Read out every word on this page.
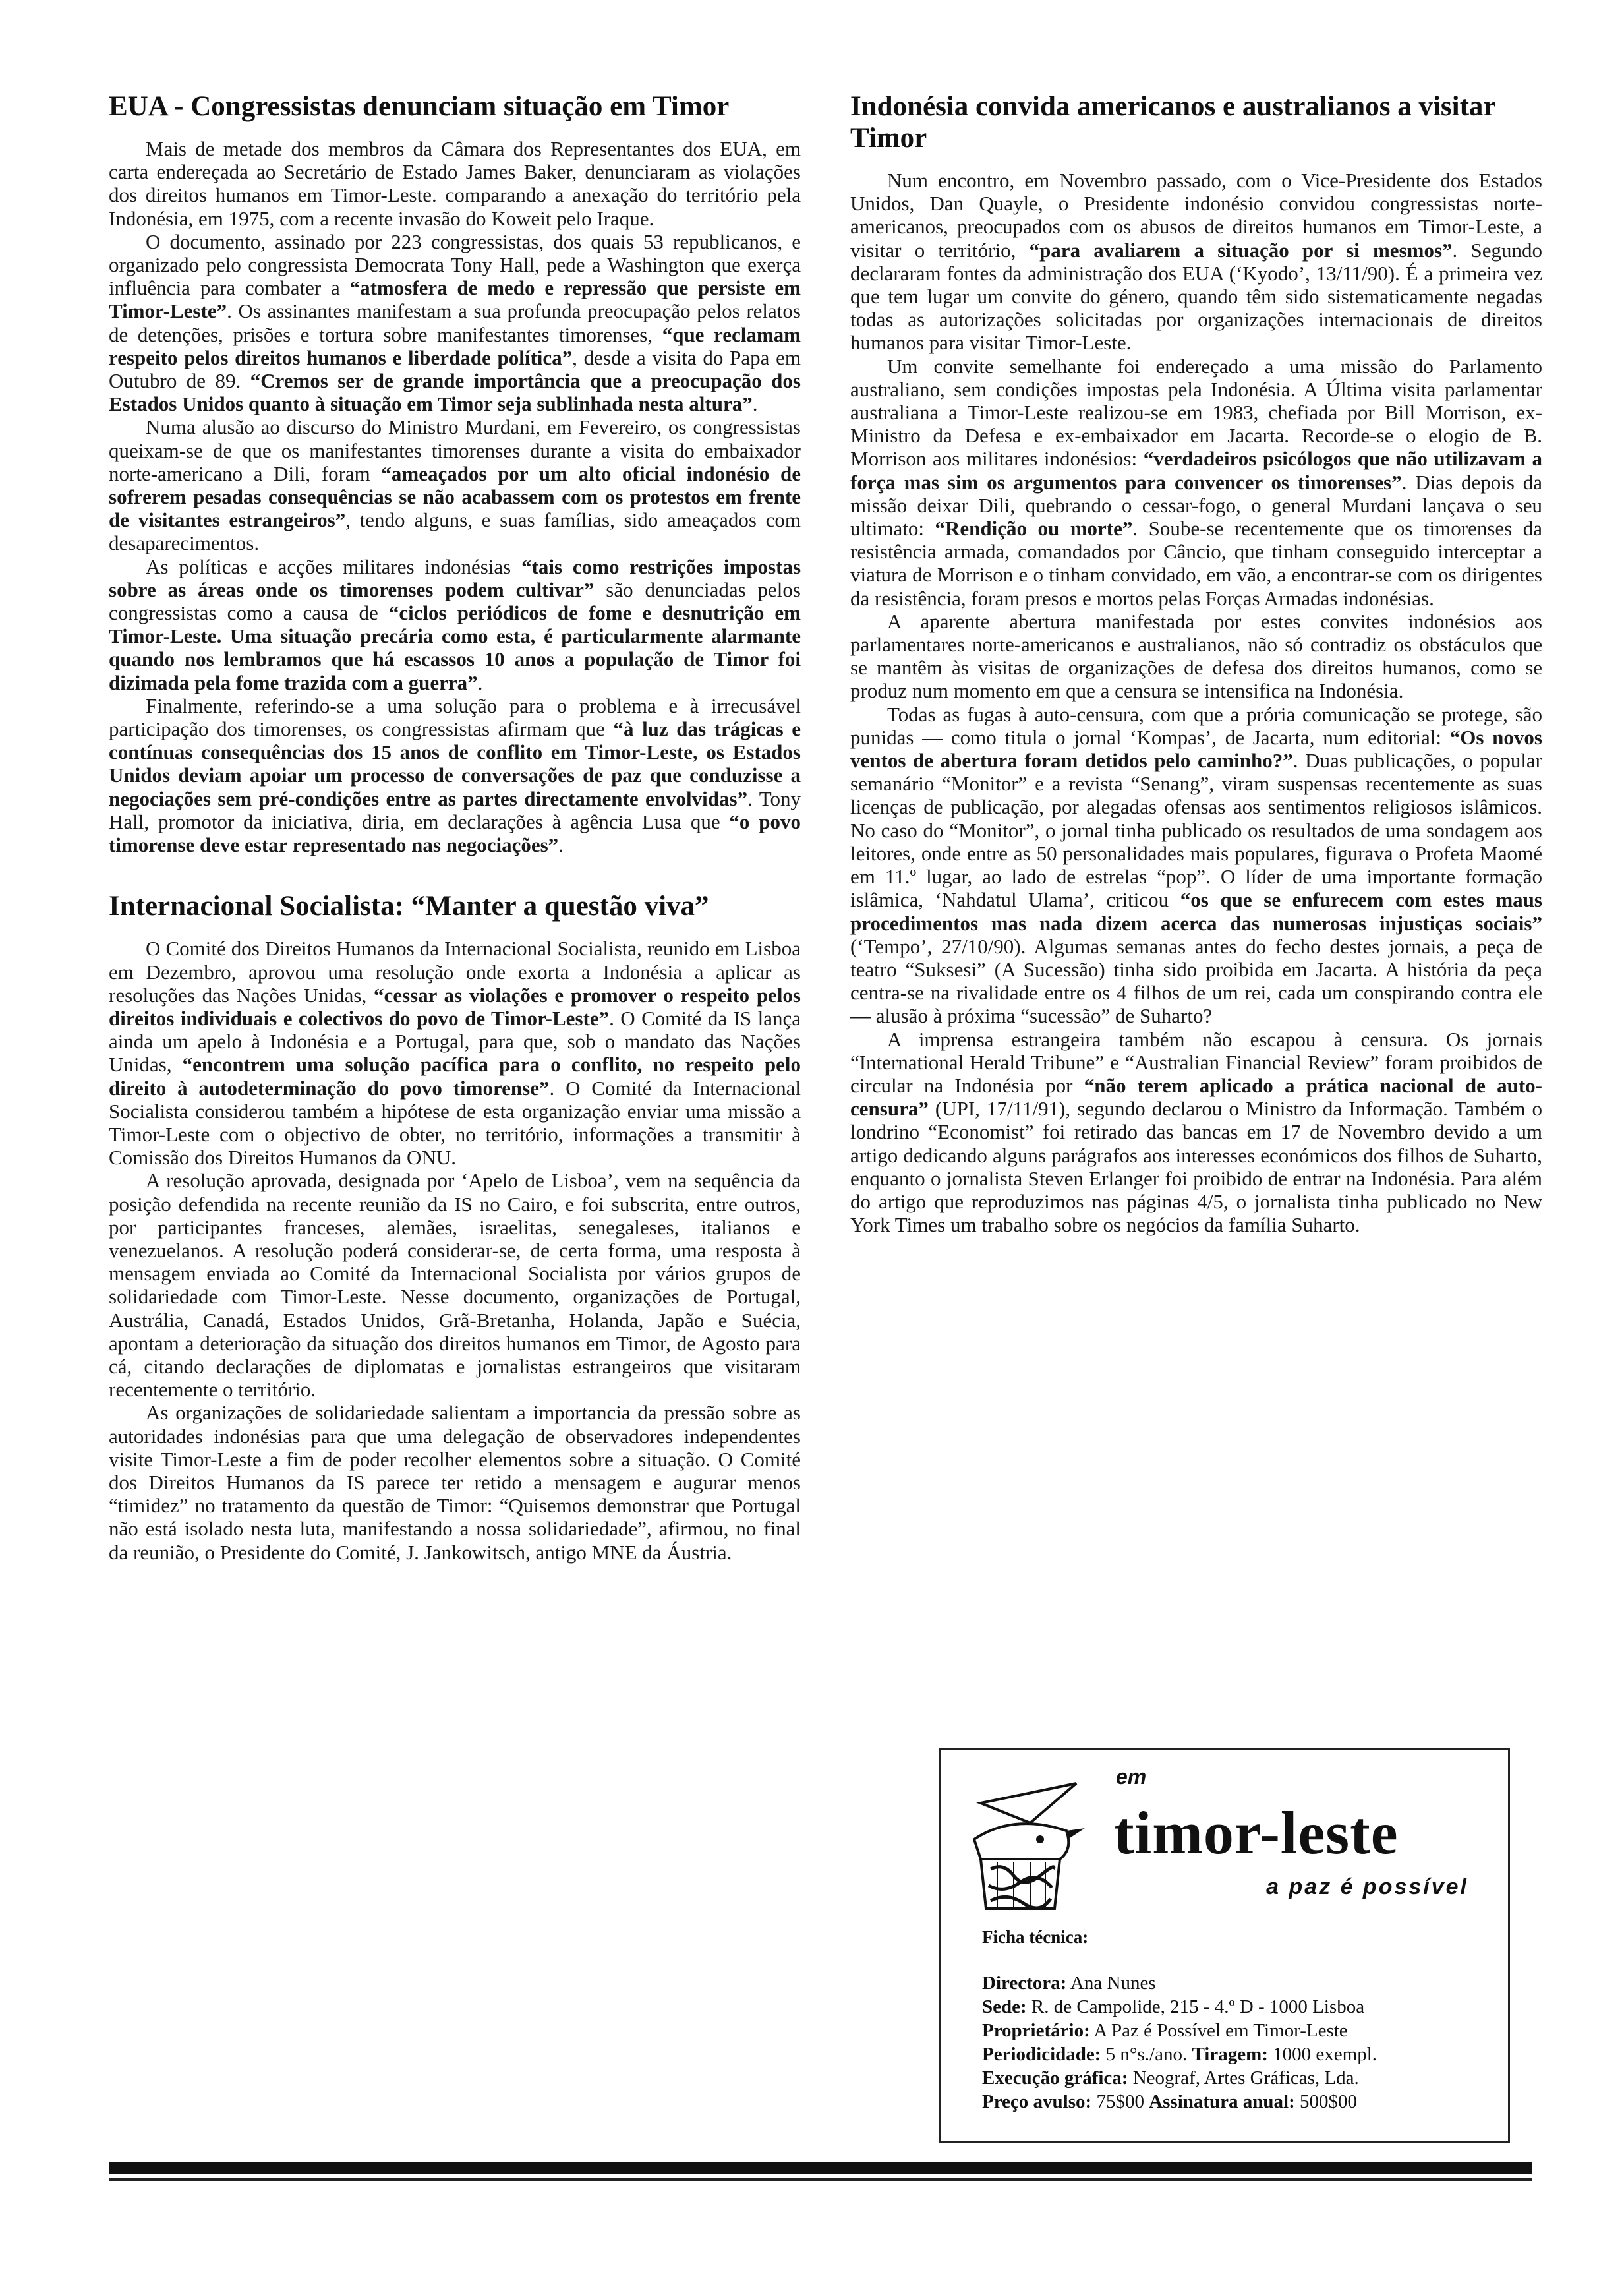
EUA - Congressistas denunciam situação em Timor

Mais de metade dos membros da Câmara dos Representantes dos EUA, em carta endereçada ao Secretário de Estado James Baker, denunciaram as violações dos direitos humanos em Timor-Leste. comparando a anexação do território pela Indonésia, em 1975, com a recente invasão do Koweit pelo Iraque.

O documento, assinado por 223 congressistas, dos quais 53 republicanos, e organizado pelo congressista Democrata Tony Hall, pede a Washington que exerça influência para combater a “atmosfera de medo e repressão que persiste em Timor-Leste”. Os assinantes manifestam a sua profunda preocupação pelos relatos de detenções, prisões e tortura sobre manifestantes timorenses, “que reclamam respeito pelos direitos humanos e liberdade política”, desde a visita do Papa em Outubro de 89. “Cremos ser de grande importância que a preocupação dos Estados Unidos quanto à situação em Timor seja sublinhada nesta altura”.

Numa alusão ao discurso do Ministro Murdani, em Fevereiro, os congressistas queixam-se de que os manifestantes timorenses durante a visita do embaixador norte-americano a Dili, foram “ameaçados por um alto oficial indonésio de sofrerem pesadas consequências se não acabassem com os protestos em frente de visitantes estrangeiros”, tendo alguns, e suas famílias, sido ameaçados com desaparecimentos.

As políticas e acções militares indonésias “tais como restrições impostas sobre as áreas onde os timorenses podem cultivar” são denunciadas pelos congressistas como a causa de “ciclos periódicos de fome e desnutrição em Timor-Leste. Uma situação precária como esta, é particularmente alarmante quando nos lembramos que há escassos 10 anos a população de Timor foi dizimada pela fome trazida com a guerra”.

Finalmente, referindo-se a uma solução para o problema e à irrecusável participação dos timorenses, os congressistas afirmam que “à luz das trágicas e contínuas consequências dos 15 anos de conflito em Timor-Leste, os Estados Unidos deviam apoiar um processo de conversações de paz que conduzisse a negociações sem pré-condições entre as partes directamente envolvidas”. Tony Hall, promotor da iniciativa, diria, em declarações à agência Lusa que “o povo timorense deve estar representado nas negociações”.

Internacional Socialista: “Manter a questão viva”

O Comité dos Direitos Humanos da Internacional Socialista, reunido em Lisboa em Dezembro, aprovou uma resolução onde exorta a Indonésia a aplicar as resoluções das Nações Unidas, “cessar as violações e promover o respeito pelos direitos individuais e colectivos do povo de Timor-Leste”. O Comité da IS lança ainda um apelo à Indonésia e a Portugal, para que, sob o mandato das Nações Unidas, “encontrem uma solução pacífica para o conflito, no respeito pelo direito à autodeterminação do povo timorense”. O Comité da Internacional Socialista considerou também a hipótese de esta organização enviar uma missão a Timor-Leste com o objectivo de obter, no território, informações a transmitir à Comissão dos Direitos Humanos da ONU.

A resolução aprovada, designada por ‘Apelo de Lisboa’, vem na sequência da posição defendida na recente reunião da IS no Cairo, e foi subscrita, entre outros, por participantes franceses, alemães, israelitas, senegaleses, italianos e venezuelanos. A resolução poderá considerar-se, de certa forma, uma resposta à mensagem enviada ao Comité da Internacional Socialista por vários grupos de solidariedade com Timor-Leste. Nesse documento, organizações de Portugal, Austrália, Canadá, Estados Unidos, Grã-Bretanha, Holanda, Japão e Suécia, apontam a deterioração da situação dos direitos humanos em Timor, de Agosto para cá, citando declarações de diplomatas e jornalistas estrangeiros que visitaram recentemente o território.

As organizações de solidariedade salientam a importancia da pressão sobre as autoridades indonésias para que uma delegação de observadores independentes visite Timor-Leste a fim de poder recolher elementos sobre a situação. O Comité dos Direitos Humanos da IS parece ter retido a mensagem e augurar menos “timidez” no tratamento da questão de Timor: “Quisemos demonstrar que Portugal não está isolado nesta luta, manifestando a nossa solidariedade”, afirmou, no final da reunião, o Presidente do Comité, J. Jankowitsch, antigo MNE da Áustria.

Indonésia convida americanos e australianos a visitar Timor

Num encontro, em Novembro passado, com o Vice-Presidente dos Estados Unidos, Dan Quayle, o Presidente indonésio convidou congressistas norte-americanos, preocupados com os abusos de direitos humanos em Timor-Leste, a visitar o território, “para avaliarem a situação por si mesmos”. Segundo declararam fontes da administração dos EUA (‘Kyodo’, 13/11/90). É a primeira vez que tem lugar um convite do género, quando têm sido sistematicamente negadas todas as autorizações solicitadas por organizações internacionais de direitos humanos para visitar Timor-Leste.

Um convite semelhante foi endereçado a uma missão do Parlamento australiano, sem condições impostas pela Indonésia. A Última visita parlamentar australiana a Timor-Leste realizou-se em 1983, chefiada por Bill Morrison, ex-Ministro da Defesa e ex-embaixador em Jacarta. Recorde-se o elogio de B. Morrison aos militares indonésios: “verdadeiros psicólogos que não utilizavam a força mas sim os argumentos para convencer os timorenses”. Dias depois da missão deixar Dili, quebrando o cessar-fogo, o general Murdani lançava o seu ultimato: “Rendição ou morte”. Soube-se recentemente que os timorenses da resistência armada, comandados por Câncio, que tinham conseguido interceptar a viatura de Morrison e o tinham convidado, em vão, a encontrar-se com os dirigentes da resistência, foram presos e mortos pelas Forças Armadas indonésias.

A aparente abertura manifestada por estes convites indonésios aos parlamentares norte-americanos e australianos, não só contradiz os obstáculos que se mantêm às visitas de organizações de defesa dos direitos humanos, como se produz num momento em que a censura se intensifica na Indonésia.

Todas as fugas à auto-censura, com que a prória comunicação se protege, são punidas — como titula o jornal ‘Kompas’, de Jacarta, num editorial: “Os novos ventos de abertura foram detidos pelo caminho?”. Duas publicações, o popular semanário “Monitor” e a revista “Senang”, viram suspensas recentemente as suas licenças de publicação, por alegadas ofensas aos sentimentos religiosos islâmicos. No caso do “Monitor”, o jornal tinha publicado os resultados de uma sondagem aos leitores, onde entre as 50 personalidades mais populares, figurava o Profeta Maomé em 11.º lugar, ao lado de estrelas “pop”. O líder de uma importante formação islâmica, ‘Nahdatul Ulama’, criticou “os que se enfurecem com estes maus procedimentos mas nada dizem acerca das numerosas injustiças sociais” (‘Tempo’, 27/10/90). Algumas semanas antes do fecho destes jornais, a peça de teatro “Suksesi” (A Sucessão) tinha sido proibida em Jacarta. A história da peça centra-se na rivalidade entre os 4 filhos de um rei, cada um conspirando contra ele — alusão à próxima “sucessão” de Suharto?

A imprensa estrangeira também não escapou à censura. Os jornais “International Herald Tribune” e “Australian Financial Review” foram proibidos de circular na Indonésia por “não terem aplicado a prática nacional de auto-censura” (UPI, 17/11/91), segundo declarou o Ministro da Informação. Também o londrino “Economist” foi retirado das bancas em 17 de Novembro devido a um artigo dedicando alguns parágrafos aos interesses económicos dos filhos de Suharto, enquanto o jornalista Steven Erlanger foi proibido de entrar na Indonésia. Para além do artigo que reproduzimos nas páginas 4/5, o jornalista tinha publicado no New York Times um trabalho sobre os negócios da família Suharto.

em
timor-leste
a paz é possível
Ficha técnica:
Directora: Ana Nunes
Sede: R. de Campolide, 215 - 4.º D - 1000 Lisboa
Proprietário: A Paz é Possível em Timor-Leste
Periodicidade: 5 n°s./ano. Tiragem: 1000 exempl.
Execução gráfica: Neograf, Artes Gráficas, Lda.
Preço avulso: 75$00 Assinatura anual: 500$00
